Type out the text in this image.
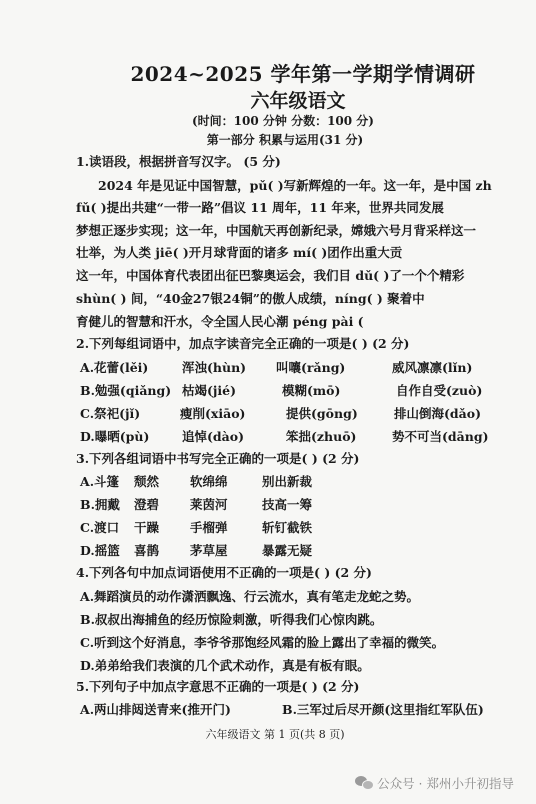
2024~2025 学年第一学期学情调研
六年级语文
(时间：100 分钟 分数：100 分)
第一部分 积累与运用(31 分)
1.读语段，根据拼音写汉字。 (5 分)
2024 年是见证中国智慧，pǔ( )写新辉煌的一年。这一年，是中国 zh
fǔ( )提出共建“一带一路”倡议 11 周年，11 年来，世界共同发展
梦想正逐步实现；这一年，中国航天再创新纪录，嫦娥六号月背采样这一
壮举，为人类 jiē( )开月球背面的诸多 mí( )团作出重大贡
这一年，中国体育代表团出征巴黎奥运会，我们目 dǔ( )了一个个精彩
shùn( ) 间，“40金27银24铜”的傲人成绩，níng( ) 聚着中
育健儿的智慧和汗水，令全国人民心潮 péng pài (
2.下列每组词语中，加点字读音完全正确的一项是( ) (2 分)
A.花蕾(lěi)	浑浊(hùn) 叫嚷(rǎng)	威风凛凛(lǐn)
B.勉强(qiǎng) 枯竭(jié)	模糊(mō)	自作自受(zuò)
C.祭祀(jǐ)	瘦削(xiāo)	提供(gōng)	排山倒海(dǎo)
D.曝晒(pù)	追悼(dào)	笨拙(zhuō)	势不可当(dāng)
3.下列各组词语中书写完全正确的一项是( ) (2 分)
A.斗篷 颓然 软绵绵	别出新裁
B.拥戴 澄碧 莱茵河	技高一筹
C.渡口 干躁 手榴弹	斩钉截铁
D.摇篮 喜鹊 茅草屋	暴露无疑
4.下列各句中加点词语使用不正确的一项是( ) (2 分)
A.舞蹈演员的动作潇洒飘逸、行云流水，真有笔走龙蛇之势。
B.叔叔出海捕鱼的经历惊险刺激，听得我们心惊肉跳。
C.听到这个好消息，李爷爷那饱经风霜的脸上露出了幸福的微笑。
D.弟弟给我们表演的几个武术动作，真是有板有眼。
5.下列句子中加点字意思不正确的一项是( ) (2 分)
A.两山排闼送青来(推开门)	B.三军过后尽开颜(这里指红军队伍)
六年级语文 第 1 页(共 8 页)
公众号 · 郑州小升初指导
